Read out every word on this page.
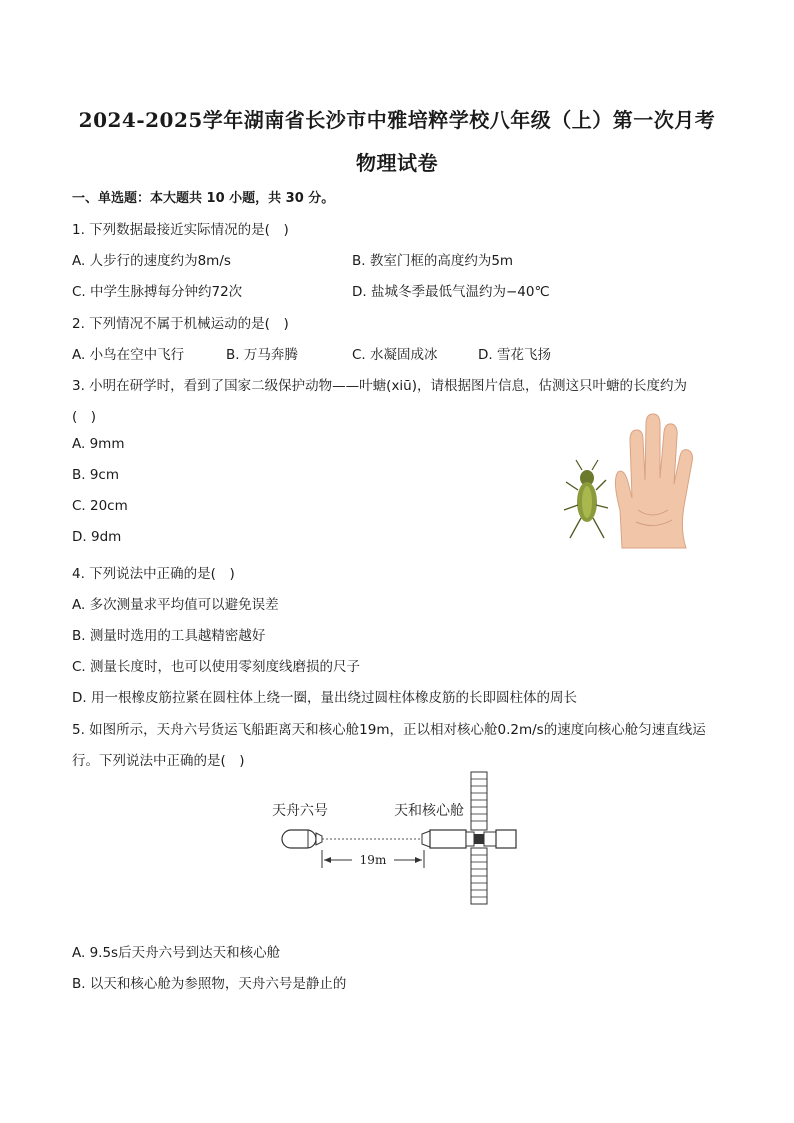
2024-2025学年湖南省长沙市中雅培粹学校八年级（上）第一次月考
物理试卷
一、单选题：本大题共 10 小题，共 30 分。
1. 下列数据最接近实际情况的是(　)
A. 人步行的速度约为8m/s	B. 教室门框的高度约为5m
C. 中学生脉搏每分钟约72次	D. 盐城冬季最低气温约为−40℃
2. 下列情况不属于机械运动的是(　)
A. 小鸟在空中飞行	B. 万马奔腾	C. 水凝固成冰	D. 雪花飞扬
3. 小明在研学时，看到了国家二级保护动物——叶螗(xiū)，请根据图片信息，估测这只叶螗的长度约为
(　)
A. 9mm
B. 9cm
C. 20cm
D. 9dm
4. 下列说法中正确的是(　)
A. 多次测量求平均值可以避免误差
B. 测量时选用的工具越精密越好
C. 测量长度时，也可以使用零刻度线磨损的尺子
D. 用一根橡皮筋拉紧在圆柱体上绕一圈，量出绕过圆柱体橡皮筋的长即圆柱体的周长
5. 如图所示，天舟六号货运飞船距离天和核心舱19m，正以相对核心舱0.2m/s的速度向核心舱匀速直线运
行。下列说法中正确的是(　)
天舟六号	天和核心舱
19m
A. 9.5s后天舟六号到达天和核心舱
B. 以天和核心舱为参照物，天舟六号是静止的
